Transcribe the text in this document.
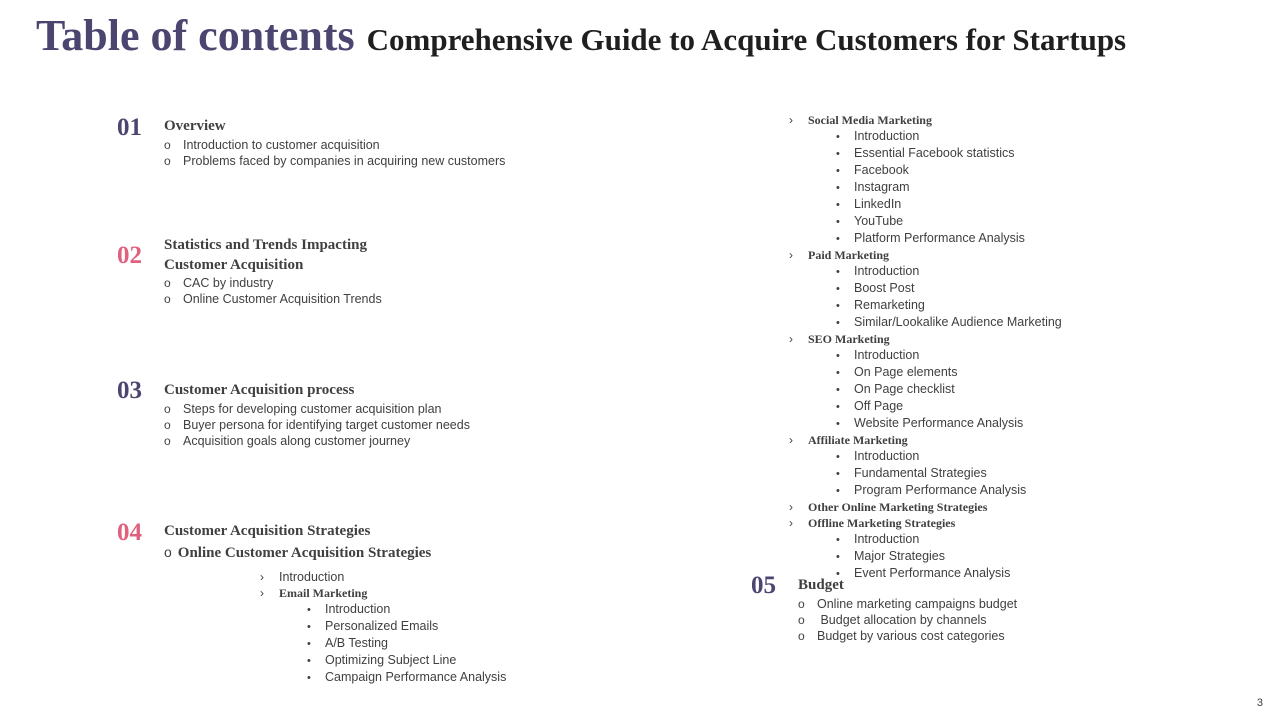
Table of contents Comprehensive Guide to Acquire Customers for Startups
01 Overview
o Introduction to customer acquisition
o Problems faced by companies in acquiring new customers
02 Statistics and Trends Impacting
Customer Acquisition
o CAC by industry
o Online Customer Acquisition Trends
03 Customer Acquisition process
o Steps for developing customer acquisition plan
o Buyer persona for identifying target customer needs
o Acquisition goals along customer journey
04 Customer Acquisition Strategies
o Online Customer Acquisition Strategies
› Introduction
› Email Marketing
• Introduction
• Personalized Emails
• A/B Testing
• Optimizing Subject Line
• Campaign Performance Analysis
› Social Media Marketing
• Introduction
• Essential Facebook statistics
• Facebook
• Instagram
• LinkedIn
• YouTube
• Platform Performance Analysis
› Paid Marketing
• Introduction
• Boost Post
• Remarketing
• Similar/Lookalike Audience Marketing
› SEO Marketing
• Introduction
• On Page elements
• On Page checklist
• Off Page
• Website Performance Analysis
› Affiliate Marketing
• Introduction
• Fundamental Strategies
• Program Performance Analysis
› Other Online Marketing Strategies
› Offline Marketing Strategies
• Introduction
• Major Strategies
• Event Performance Analysis
05 Budget
o Online marketing campaigns budget
o Budget allocation by channels
o Budget by various cost categories
3
